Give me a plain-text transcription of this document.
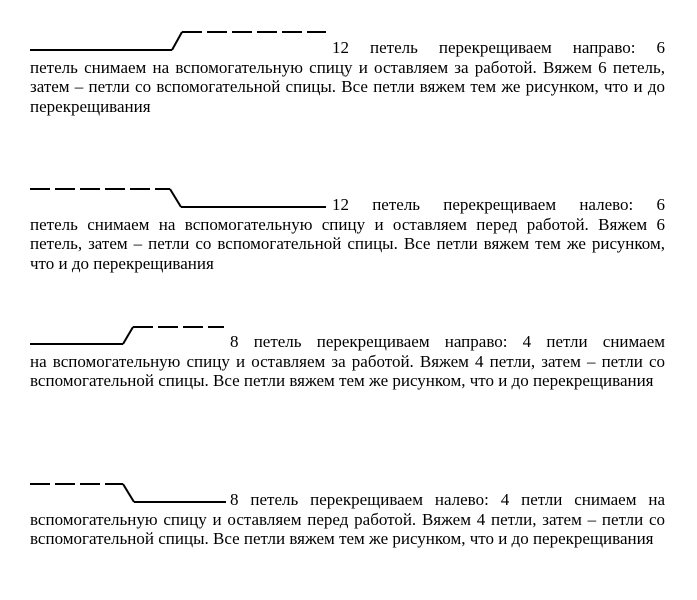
12 петель перекрещиваем направо: 6
петель снимаем на вспомогательную спицу и оставляем за работой. Вяжем 6 петель, затем – петли со вспомогательной спицы. Все петли вяжем тем же рисунком, что и до перекрещивания

12 петель перекрещиваем налево: 6
петель снимаем на вспомогательную спицу и оставляем перед работой. Вяжем 6 петель, затем – петли со вспомогательной спицы. Все петли вяжем тем же рисунком, что и до перекрещивания

8 петель перекрещиваем направо: 4 петли снимаем
на вспомогательную спицу и оставляем за работой. Вяжем 4 петли, затем – петли со вспомогательной спицы. Все петли вяжем тем же рисунком, что и до перекрещивания

8 петель перекрещиваем налево: 4 петли снимаем на
вспомогательную спицу и оставляем перед работой. Вяжем 4 петли, затем – петли со вспомогательной спицы. Все петли вяжем тем же рисунком, что и до перекрещивания
